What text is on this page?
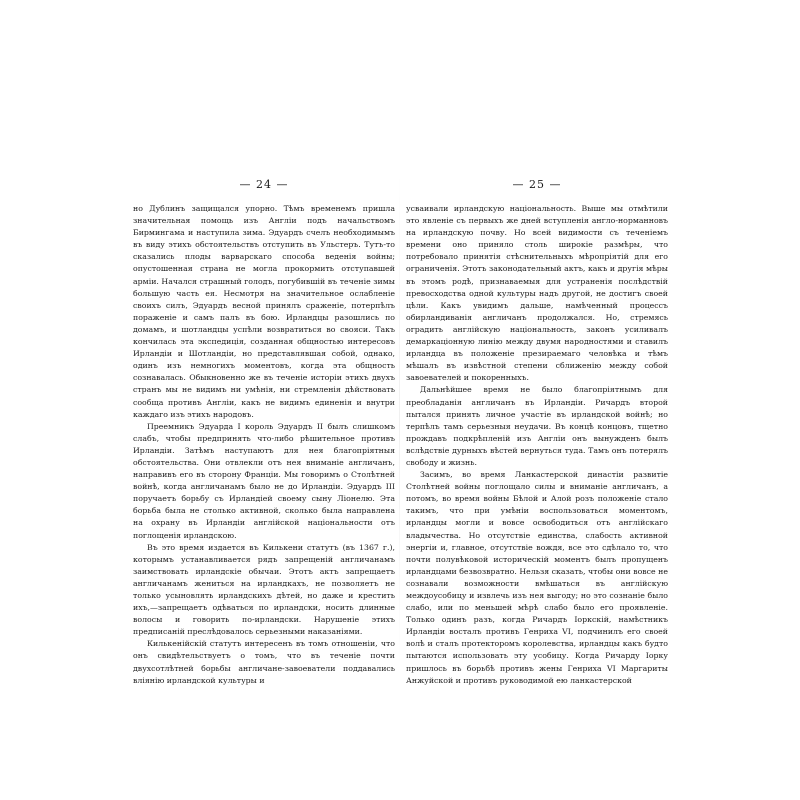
— 24 —

но Дублинъ защищался упорно. Тѣмъ временемъ пришла значительная помощь изъ Англіи подъ начальствомъ Бирмингама и наступила зима. Эдуардъ счелъ необходимымъ въ виду этихъ обстоятельствъ отступить въ Ульстеръ. Тутъ-то сказались плоды варварскаго способа веденія войны; опустошенная страна не могла прокормить отступавшей арміи. Начался страшный голодъ, погубившій въ теченіе зимы большую часть ея. Несмотря на значительное ослабленіе своихъ силъ, Эдуардъ весной принялъ сраженіе, потерпѣлъ пораженіе и самъ палъ въ бою. Ирландцы разошлись по домамъ, и шотландцы успѣли возвратиться во свояси. Такъ кончилась эта экспедиція, созданная общностью интересовъ Ирландіи и Шотландіи, но представлявшая собой, однако, одинъ изъ немногихъ моментовъ, когда эта общность сознавалась. Обыкновенно же въ теченіе исторіи этихъ двухъ странъ мы не видимъ ни умѣнія, ни стремленія дѣйствовать сообща противъ Англіи, какъ не видимъ единенія и внутри каждаго изъ этихъ народовъ.

Преемникъ Эдуарда I король Эдуардъ II былъ слишкомъ слабъ, чтобы предпринять что-либо рѣшительное противъ Ирландіи. Затѣмъ наступаютъ для нея благопріятныя обстоятельства. Они отвлекли отъ нея вниманіе англичанъ, направивъ его въ сторону Франціи. Мы говоримъ о Столѣтней войнѣ, когда англичанамъ было не до Ирландіи. Эдуардъ III поручаетъ борьбу съ Ирландіей своему сыну Ліонелю. Эта борьба была не столько активной, сколько была направлена на охрану въ Ирландіи англійской національности отъ поглощенія ирландскою.

Въ это время издается въ Килькени статутъ (въ 1367 г.), которымъ устанавливается рядъ запрещеній англичанамъ заимствовать ирландскіе обычаи. Этотъ актъ запрещаетъ англичанамъ жениться на ирландкахъ, не позволяетъ не только усыновлять ирландскихъ дѣтей, но даже и крестить ихъ,—запрещаетъ одѣваться по ирландски, носить длинные волосы и говорить по-ирландски. Нарушеніе этихъ предписаній преслѣдовалось серьезными наказаніями.

Килькенійскій статутъ интересенъ въ томъ отношеніи, что онъ свидѣтельствуетъ о томъ, что въ теченіе почти двухсотлѣтней борьбы англичане-завоеватели поддавались вліянію ирландской культуры и

— 25 —

усваивали ирландскую національность. Выше мы отмѣтили это явленіе съ первыхъ же дней вступленія англо-норманновъ на ирландскую почву. Но всей видимости съ теченіемъ времени оно приняло столь широкіе размѣры, что потребовало принятія стѣснительныхъ мѣропріятій для его ограниченія. Этотъ законодательный актъ, какъ и другія мѣры въ этомъ родѣ, признаваемыя для устраненія послѣдствій превосходства одной культуры надъ другой, не достигъ своей цѣли. Какъ увидимъ дальше, намѣченный процессъ обирландиванія англичанъ продолжался. Но, стремясь оградить англійскую національность, законъ усиливалъ демаркаціонную линію между двумя народностями и ставилъ ирландца въ положеніе презираемаго человѣка и тѣмъ мѣшалъ въ извѣстной степени сближенію между собой завоевателей и покоренныхъ.

Дальнѣйшее время не было благопріятнымъ для преобладанія англичанъ въ Ирландіи. Ричардъ второй пытался принять личное участіе въ ирландской войнѣ; но терпѣлъ тамъ серьезныя неудачи. Въ концѣ концовъ, тщетно прождавъ подкрѣпленій изъ Англіи онъ вынужденъ былъ вслѣдствіе дурныхъ вѣстей вернуться туда. Тамъ онъ потерялъ свободу и жизнь.

Засимъ, во время Ланкастерской династіи развитіе Столѣтней войны поглощало силы и вниманіе англичанъ, а потомъ, во время войны Бѣлой и Алой розъ положеніе стало такимъ, что при умѣніи воспользоваться моментомъ, ирландцы могли и вовсе освободиться отъ англійскаго владычества. Но отсутствіе единства, слабость активной энергіи и, главное, отсутствіе вождя, все это сдѣлало то, что почти полувѣковой историческій моментъ былъ пропущенъ ирландцами безвозвратно. Нельзя сказать, чтобы они вовсе не сознавали возможности вмѣшаться въ англійскую междоусобицу и извлечь изъ нея выгоду; но это сознаніе было слабо, или по меньшей мѣрѣ слабо было его проявленіе. Только одинъ разъ, когда Ричардъ Іоркскій, намѣстникъ Ирландіи восталъ противъ Генриха VI, подчинилъ его своей волѣ и сталъ протекторомъ королевства, ирландцы какъ будто пытаются использовать эту усобицу. Когда Ричарду Іорку пришлось въ борьбѣ противъ жены Генриха VI Маргариты Анжуйской и противъ руководимой ею ланкастерской
